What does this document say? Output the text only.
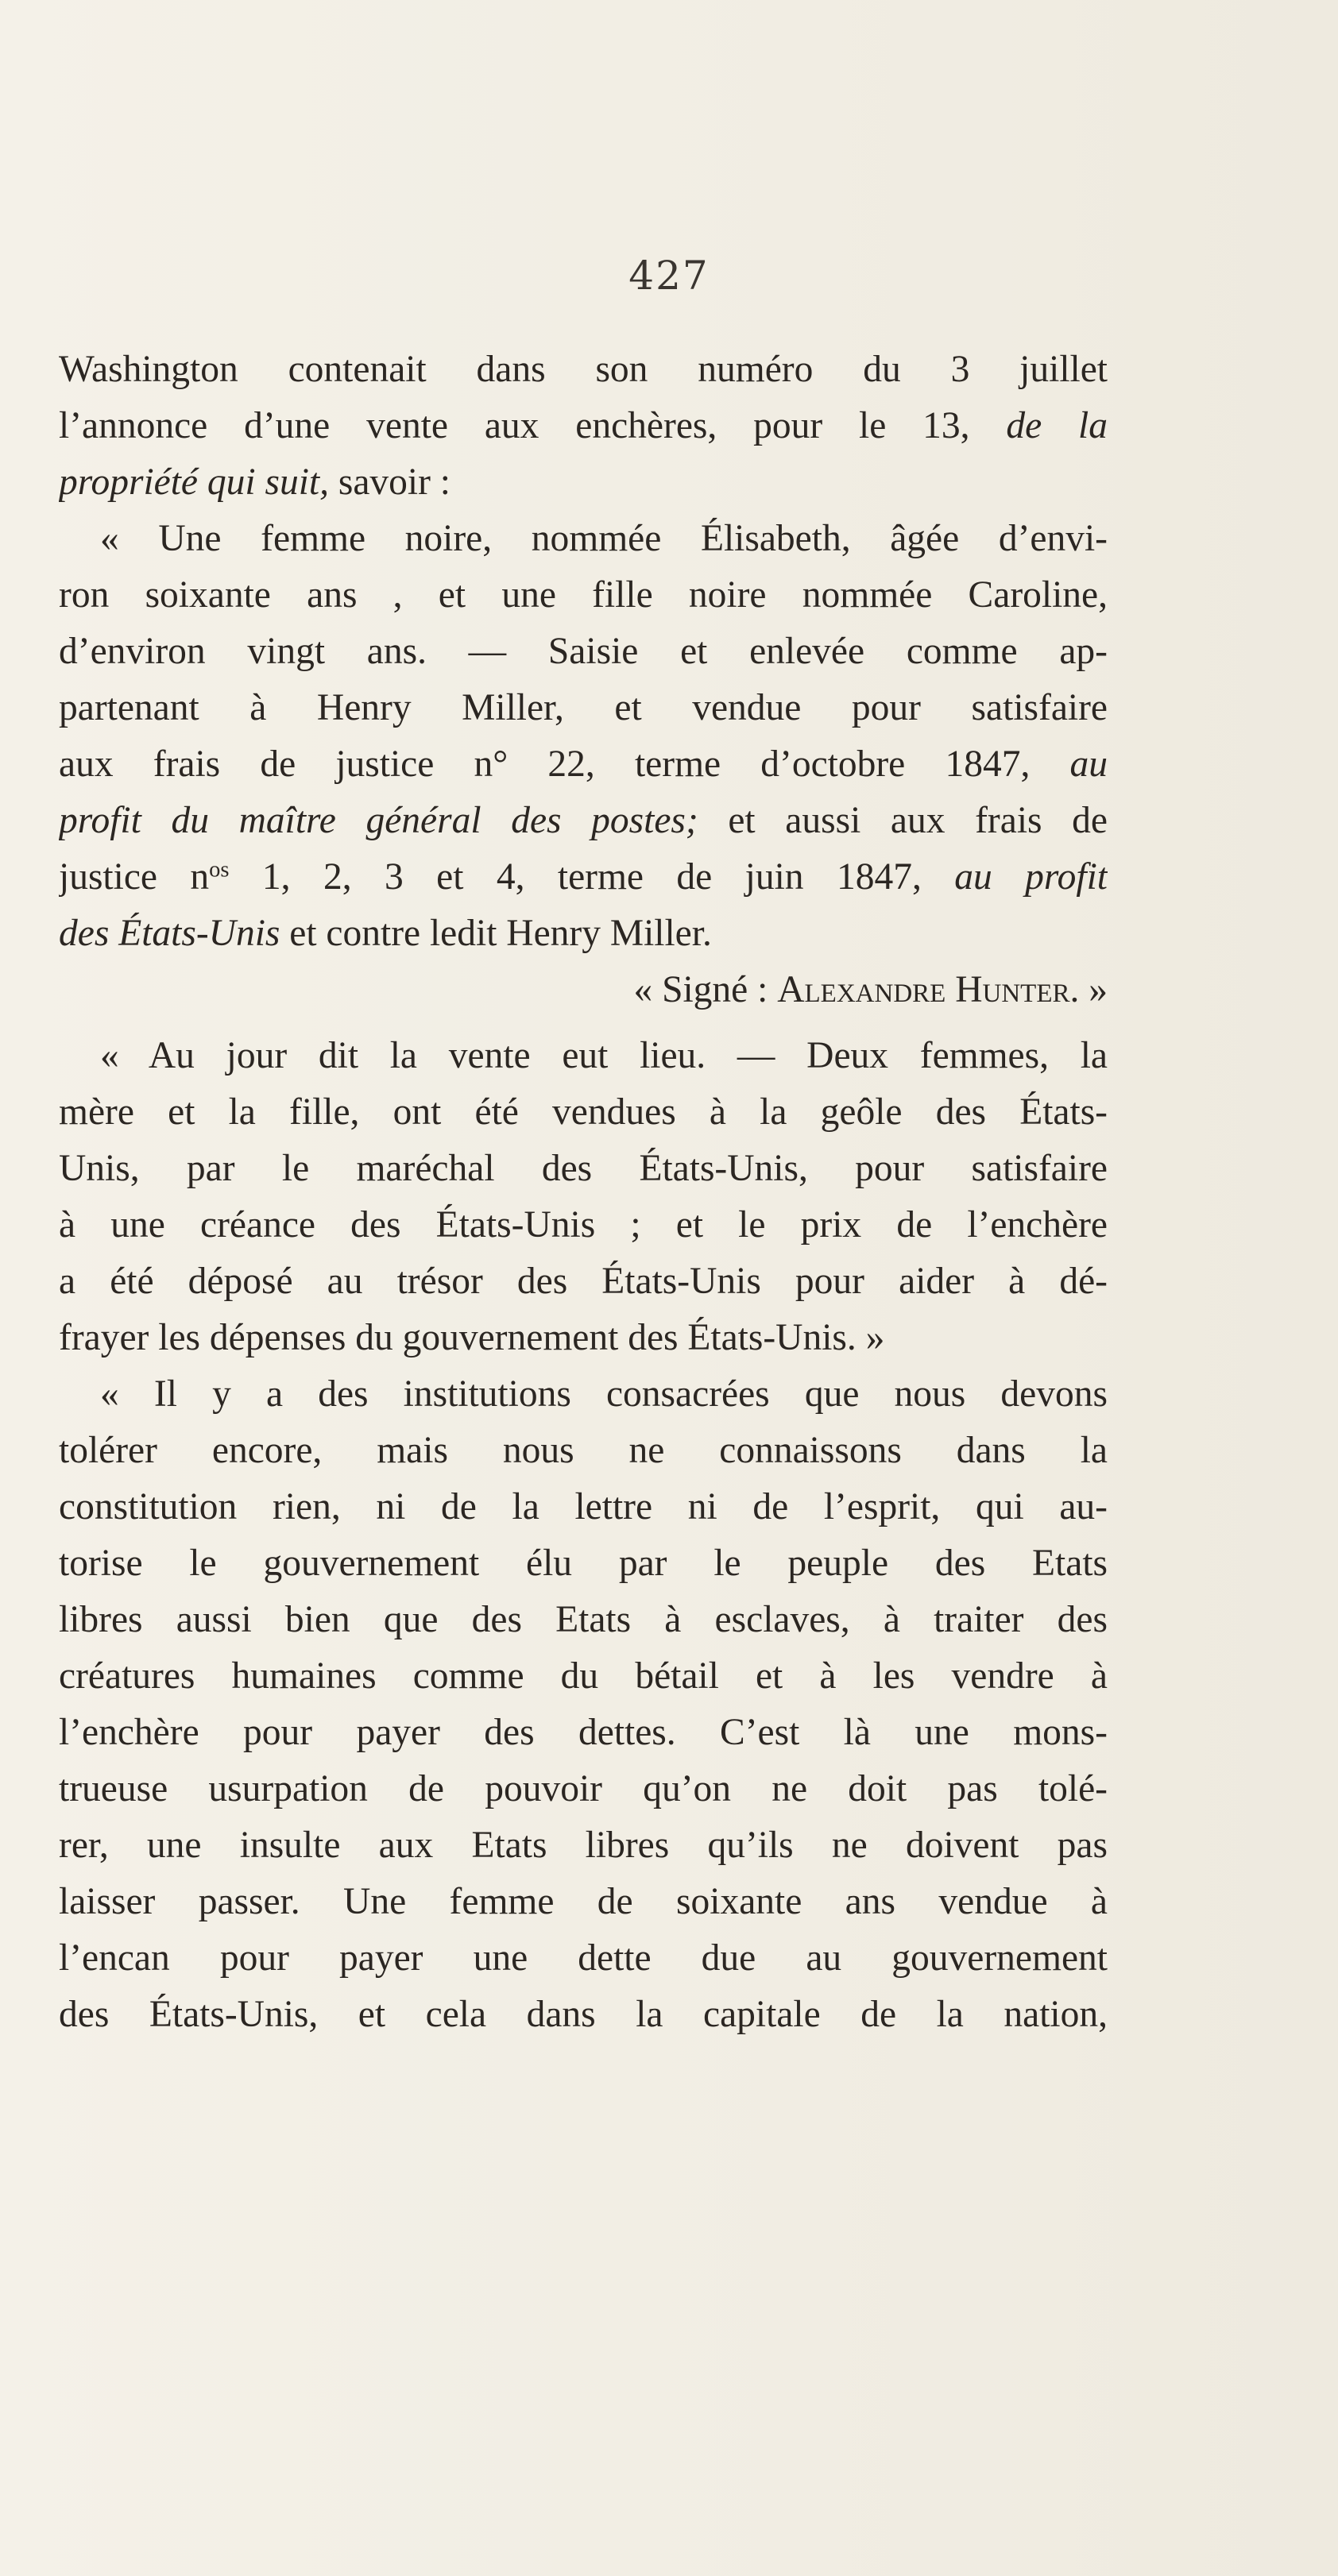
427
Washington contenait dans son numéro du 3 juillet
l’annonce d’une vente aux enchères, pour le 13, de la
propriété qui suit, savoir :
« Une femme noire, nommée Élisabeth, âgée d’envi-
ron soixante ans , et une fille noire nommée Caroline,
d’environ vingt ans. — Saisie et enlevée comme ap-
partenant à Henry Miller, et vendue pour satisfaire
aux frais de justice n° 22, terme d’octobre 1847, au
profit du maître général des postes; et aussi aux frais de
justice $n^{os}$ 1, 2, 3 et 4, terme de juin 1847, au profit
des États-Unis et contre ledit Henry Miller.
« Signé : Alexandre Hunter. »
« Au jour dit la vente eut lieu. — Deux femmes, la
mère et la fille, ont été vendues à la geôle des États-
Unis, par le maréchal des États-Unis, pour satisfaire
à une créance des États-Unis ; et le prix de l’enchère
a été déposé au trésor des États-Unis pour aider à dé-
frayer les dépenses du gouvernement des États-Unis. »
« Il y a des institutions consacrées que nous devons
tolérer encore, mais nous ne connaissons dans la
constitution rien, ni de la lettre ni de l’esprit, qui au-
torise le gouvernement élu par le peuple des Etats
libres aussi bien que des Etats à esclaves, à traiter des
créatures humaines comme du bétail et à les vendre à
l’enchère pour payer des dettes. C’est là une mons-
trueuse usurpation de pouvoir qu’on ne doit pas tolé-
rer, une insulte aux Etats libres qu’ils ne doivent pas
laisser passer. Une femme de soixante ans vendue à
l’encan pour payer une dette due au gouvernement
des États-Unis, et cela dans la capitale de la nation,
